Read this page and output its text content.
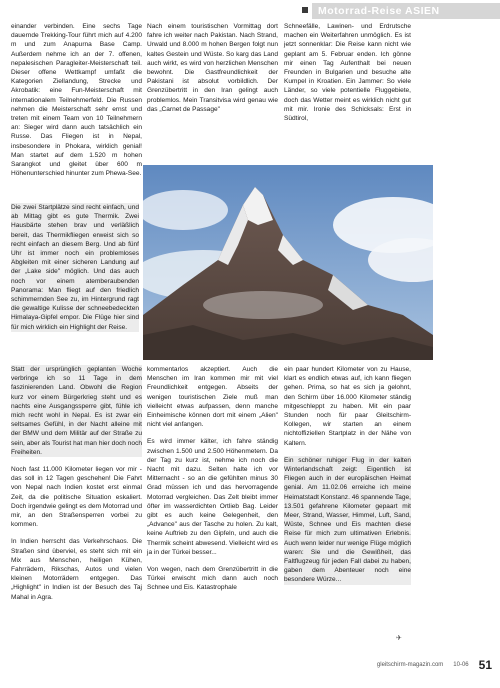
Motorrad-Reise ASIEN

einander verbinden. Eine sechs Tage dauernde Trekking-Tour führt mich auf 4.200 m und zum Anapurna Base Camp. Außerdem nehme ich an der 7. offenen, nepalesischen Paragleiter-Meisterschaft teil. Dieser offene Wettkampf umfaßt die Kategorien Ziellandung, Strecke und Akrobatik: eine Fun-Meisterschaft mit internationalem Teilnehmerfeld. Die Russen nehmen die Meisterschaft sehr ernst und treten mit einem Team von 10 Teilnehmern an: Sieger wird dann auch tatsächlich ein Russe. Das Fliegen ist in Nepal, insbesondere in Phokara, wirklich genial! Man startet auf dem 1.520 m hohen Sarangkot und gleitet über 600 m Höhenunterschied hinunter zum Phewa-See.

Nach einem touristischen Vormittag dort fahre ich weiter nach Pakistan. Nach Strand, Urwald und 8.000 m hohen Bergen folgt nun kaltes Gestein und Wüste. So karg das Land auch wirkt, es wird von herzlichen Menschen bewohnt. Die Gastfreundlichkeit der Pakistani ist absolut vorbildlich. Der Grenzübertritt in den Iran gelingt auch problemlos. Mein Transitvisa wird genau wie das „Carnet de Passage"

Schneefälle, Lawinen- und Erdrutsche machen ein Weiterfahren unmöglich. Es ist jetzt sonnenklar: Die Reise kann nicht wie geplant am 5. Februar enden. Ich gönne mir einen Tag Aufenthalt bei neuen Freunden in Bulgarien und besuche alte Kumpel in Kroatien. Ein Jammer: So viele Länder, so viele potentielle Fluggebiete, doch das Wetter meint es wirklich nicht gut mit mir. Ironie des Schicksals: Erst in Südtirol,

Die zwei Startplätze sind recht einfach, und ab Mittag gibt es gute Thermik. Zwei Hausbärte stehen brav und verläßlich bereit, das Thermikfliegen erweist sich so recht einfach an diesem Berg. Und ab fünf Uhr ist immer noch ein problemloses Abgleiten mit einer sicheren Landung auf der „Lake side" möglich. Und das auch noch vor einem atemberaubenden Panorama: Man fliegt auf den friedlich schimmernden See zu, im Hintergrund ragt die gewaltige Kulisse der schneebedeckten Himalaya-Gipfel empor. Die Flüge hier sind für mich wirklich ein Highlight der Reise.

Statt der ursprünglich geplanten Woche verbringe ich so 11 Tage in dem faszinierenden Land. Obwohl die Region kurz vor einem Bürgerkrieg steht und es nachts eine Ausgangssperre gibt, fühle ich mich recht wohl in Nepal. Es ist zwar ein seltsames Gefühl, in der Nacht alleine mit der BMW und dem Militär auf der Straße zu sein, aber als Tourist hat man hier doch noch Freiheiten.

Noch fast 11.000 Kilometer liegen vor mir - das soll in 12 Tagen geschehen! Die Fahrt von Nepal nach Indien kostet erst einmal Zeit, da die politische Situation eskaliert. Doch irgendwie gelingt es dem Motorrad und mir, an den Straßensperren vorbei zu kommen.

In Indien herrscht das Verkehrschaos. Die Straßen sind überviel, es steht sich mit ein Mix aus Menschen, heiligen Kühen, Fahrrädern, Rikschas, Autos und vielen kleinen Motorrädern entgegen. Das „Highlight" in Indien ist der Besuch des Taj Mahal in Agra.

kommentarlos akzeptiert. Auch die Menschen im Iran kommen mir mit viel Freundlichkeit entgegen. Abseits der wenigen touristischen Ziele muß man vielleicht etwas aufpassen, denn manche Einheimische können dort mit einem „Alien" nicht viel anfangen.

Es wird immer kälter, ich fahre ständig zwischen 1.500 und 2.500 Höhenmetern. Da der Tag zu kurz ist, nehme ich noch die Nacht mit dazu. Selten halte ich vor Mitternacht - so an die gefühlten minus 30 Grad müssen ich und das hervorragende Motorrad vergleichen. Das Zelt bleibt immer öfter im wasserdichten Ortlieb Bag. Leider gibt es auch keine Gelegenheit, den „Advance" aus der Tasche zu holen. Zu kalt, keine Auftrieb zu den Gipfeln, und auch die Thermik scheint abwesend. Vielleicht wird es ja in der Türkei besser...

Von wegen, nach dem Grenzübertritt in die Türkei erwischt mich dann auch noch Schnee und Eis. Katastrophale

ein paar hundert Kilometer von zu Hause, klart es endlich etwas auf, ich kann fliegen gehen. Prima, so hat es sich ja gelohnt, den Schirm über 16.000 Kilometer ständig mitgeschleppt zu haben. Mit ein paar Stunden noch für paar Gleitschirm-Kollegen, wir starten an einem nichtoffiziellen Startplatz in der Nähe von Kaltern.

Ein schöner ruhiger Flug in der kalten Winterlandschaft zeigt: Eigentlich ist Fliegen auch in der europäischen Heimat genial. Am 11.02.06 erreiche ich meine Heimatstadt Konstanz. 46 spannende Tage, 13.501 gefahrene Kilometer gepaart mit Meer, Strand, Wasser, Himmel, Luft, Sand, Wüste, Schnee und Eis machten diese Reise für mich zum ultimativen Erlebnis. Auch wenn leider nur wenige Flüge möglich waren: Sie und die Gewißheit, das Faltflugzeug für jeden Fall dabei zu haben, gaben dem Abenteuer noch eine besondere Würze...

✈
gleitschirm-magazin.com 10-06 51
